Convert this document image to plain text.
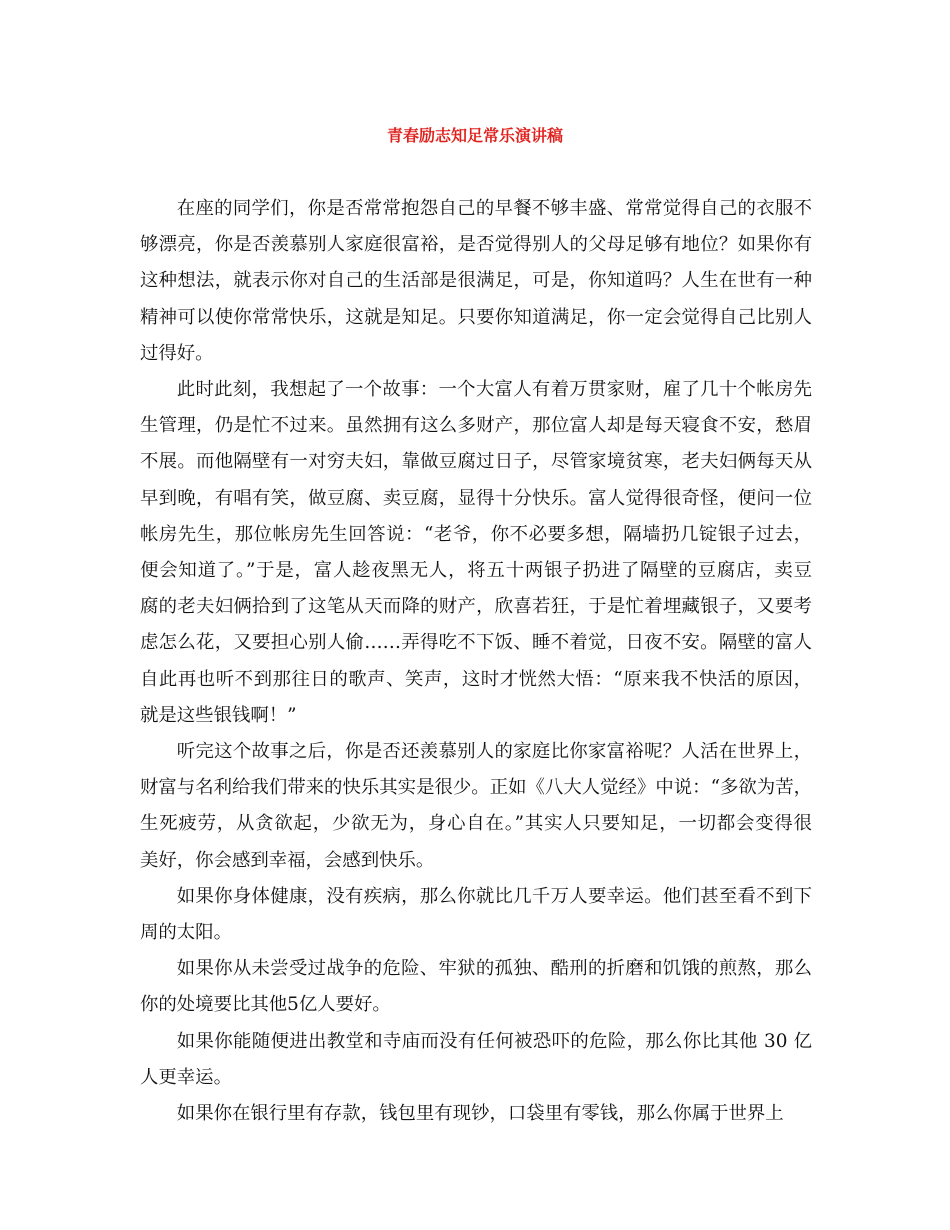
青春励志知足常乐演讲稿
在座的同学们，你是否常常抱怨自己的早餐不够丰盛、常常觉得自己的衣服不
够漂亮，你是否羡慕别人家庭很富裕，是否觉得别人的父母足够有地位？如果你有
这种想法，就表示你对自己的生活部是很满足，可是，你知道吗？人生在世有一种
精神可以使你常常快乐，这就是知足。只要你知道满足，你一定会觉得自己比别人
过得好。
此时此刻，我想起了一个故事：一个大富人有着万贯家财，雇了几十个帐房先
生管理，仍是忙不过来。虽然拥有这么多财产，那位富人却是每天寝食不安，愁眉
不展。而他隔壁有一对穷夫妇，靠做豆腐过日子，尽管家境贫寒，老夫妇俩每天从
早到晚，有唱有笑，做豆腐、卖豆腐，显得十分快乐。富人觉得很奇怪，便问一位
帐房先生，那位帐房先生回答说：“老爷，你不必要多想，隔墙扔几锭银子过去，
便会知道了。”于是，富人趁夜黑无人，将五十两银子扔进了隔壁的豆腐店，卖豆
腐的老夫妇俩拾到了这笔从天而降的财产，欣喜若狂，于是忙着埋藏银子，又要考
虑怎么花，又要担心别人偷……弄得吃不下饭、睡不着觉，日夜不安。隔壁的富人
自此再也听不到那往日的歌声、笑声，这时才恍然大悟：“原来我不快活的原因，
就是这些银钱啊！”
听完这个故事之后，你是否还羡慕别人的家庭比你家富裕呢？人活在世界上，
财富与名利给我们带来的快乐其实是很少。正如《八大人觉经》中说：“多欲为苦，
生死疲劳，从贪欲起，少欲无为，身心自在。”其实人只要知足，一切都会变得很
美好，你会感到幸福，会感到快乐。
如果你身体健康，没有疾病，那么你就比几千万人要幸运。他们甚至看不到下
周的太阳。
如果你从未尝受过战争的危险、牢狱的孤独、酷刑的折磨和饥饿的煎熬，那么
你的处境要比其他5亿人要好。
如果你能随便进出教堂和寺庙而没有任何被恐吓的危险，那么你比其他 30 亿
人更幸运。
如果你在银行里有存款，钱包里有现钞，口袋里有零钱，那么你属于世界上
